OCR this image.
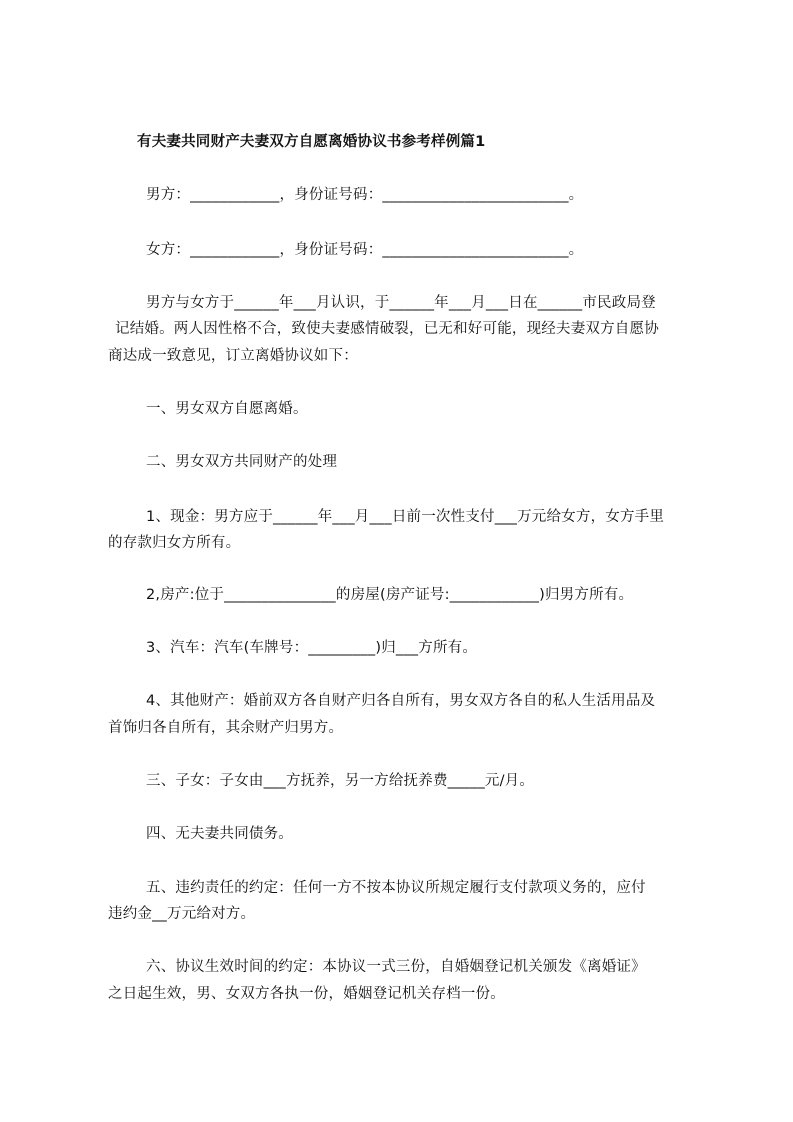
有夫妻共同财产夫妻双方自愿离婚协议书参考样例篇1
男方：____________，身份证号码：_________________________。
女方：____________，身份证号码：_________________________。
男方与女方于______年___月认识，于______年___月___日在______市民政局登
记结婚。两人因性格不合，致使夫妻感情破裂，已无和好可能，现经夫妻双方自愿协
商达成一致意见，订立离婚协议如下：
一、男女双方自愿离婚。
二、男女双方共同财产的处理
1、现金：男方应于______年___月___日前一次性支付___万元给女方，女方手里
的存款归女方所有。
2,房产:位于_______________的房屋(房产证号:____________)归男方所有。
3、汽车：汽车(车牌号：_________)归___方所有。
4、其他财产：婚前双方各自财产归各自所有，男女双方各自的私人生活用品及
首饰归各自所有，其余财产归男方。
三、子女：子女由___方抚养，另一方给抚养费_____元/月。
四、无夫妻共同债务。
五、违约责任的约定：任何一方不按本协议所规定履行支付款项义务的，应付
违约金__万元给对方。
六、协议生效时间的约定：本协议一式三份，自婚姻登记机关颁发《离婚证》
之日起生效，男、女双方各执一份，婚姻登记机关存档一份。
